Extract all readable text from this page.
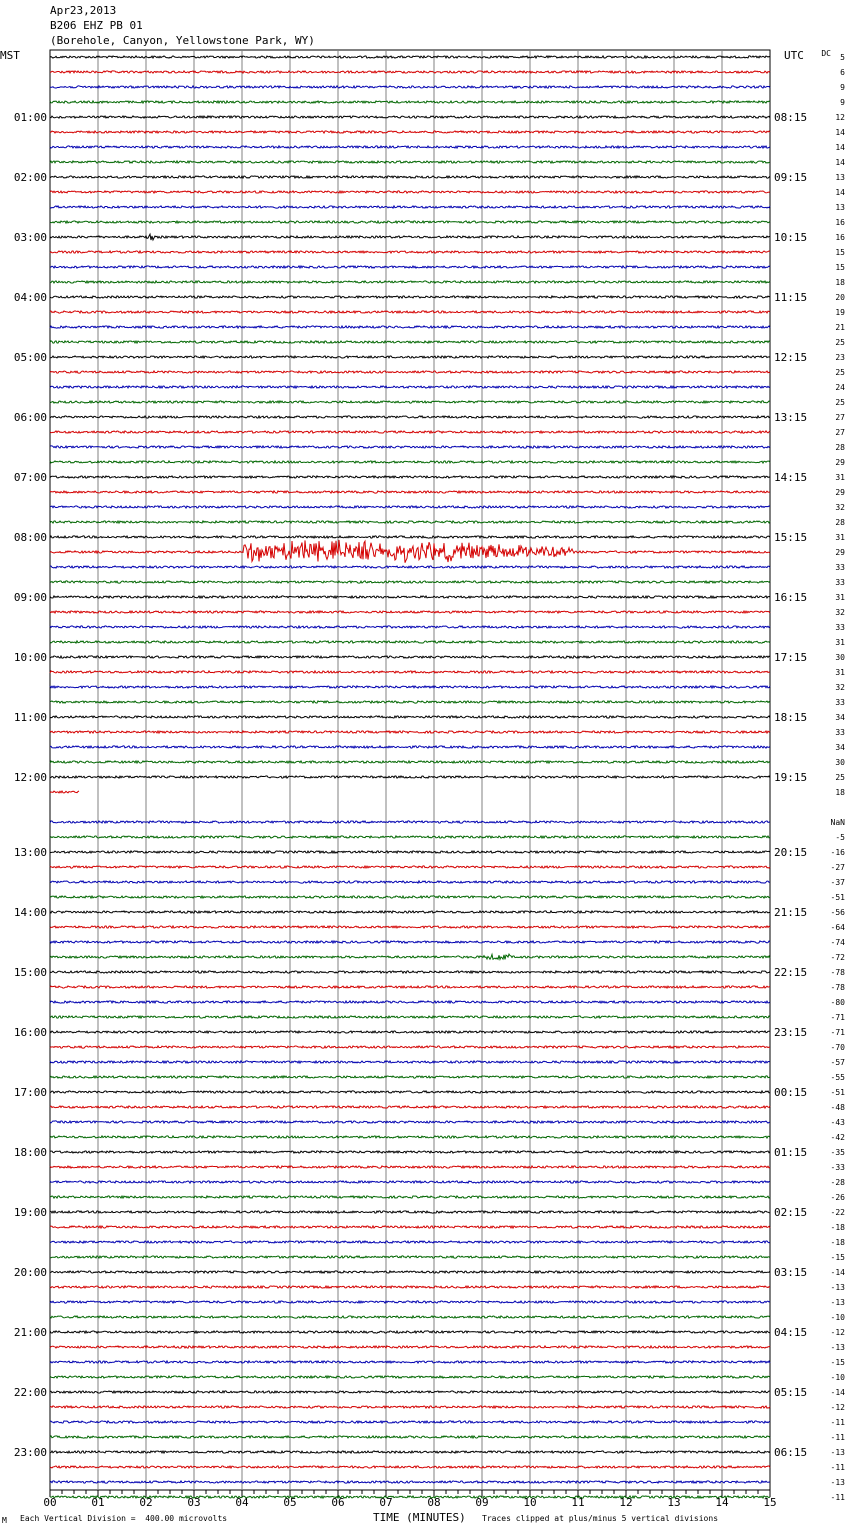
Apr23,2013
B206 EHZ PB 01
(Borehole, Canyon, Yellowstone Park, WY)
MST	UTC
00	01	02	03	04	05	06	07	08	09	10	11	12	13	14	15
5
6
9
9
12
14
14
14
13
14
13
16
16
15
15
18
20
19
21
25
23
25
24
25
27
27
28
29
31
29
32
28
31
29
33
33
31
32
33
31
30
31
32
33
34
33
34
30
25
18
NaN
-5
-16
-27
-37
-51
-56
-64
-74
-72
-78
-78
-80
-71
-71
-70
-57
-55
-51
-48
-43
-42
-35
-33
-28
-26
-22
-18
-18
-15
-14
-13
-13
-10
-12
-13
-15
-10
-14
-12
-11
-11
-13
-11
-13
-11
DC
01:00
02:00
03:00
04:00
05:00
06:00
07:00
08:00
09:00
10:00
11:00
12:00
13:00
14:00
15:00
16:00
17:00
18:00
19:00
20:00
21:00
22:00
23:00
08:15
09:15
10:15
11:15
12:15
13:15
14:15
15:15
16:15
17:15
18:15
19:15
20:15
21:15
22:15
23:15
00:15
01:15
02:15
03:15
04:15
05:15
06:15
M Each Vertical Division =  400.00 microvolts	TIME (MINUTES) Traces clipped at plus/minus 5 vertical divisions
